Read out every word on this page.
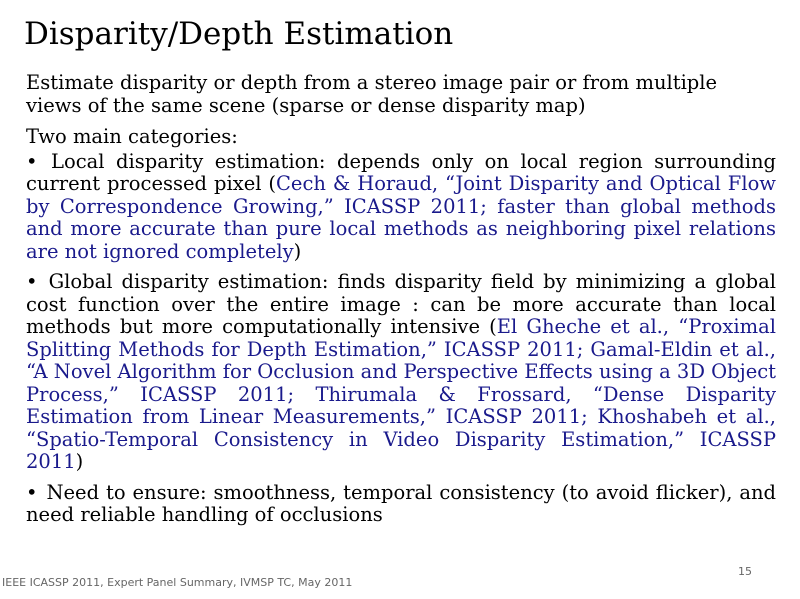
Disparity/Depth Estimation

Estimate disparity or depth from a stereo image pair or from multiple views of the same scene (sparse or dense disparity map)

Two main categories:

• Local disparity estimation: depends only on local region surrounding current processed pixel (Cech & Horaud, “Joint Disparity and Optical Flow by Correspondence Growing,” ICASSP 2011; faster than global methods and more accurate than pure local methods as neighboring pixel relations are not ignored completely)

• Global disparity estimation: finds disparity field by minimizing a global cost function over the entire image : can be more accurate than local methods but more computationally intensive (El Gheche et al., “Proximal Splitting Methods for Depth Estimation,” ICASSP 2011; Gamal-Eldin et al., “A Novel Algorithm for Occlusion and Perspective Effects using a 3D Object Process,” ICASSP 2011; Thirumala & Frossard, “Dense Disparity Estimation from Linear Measurements,” ICASSP 2011; Khoshabeh et al., “Spatio-Temporal Consistency in Video Disparity Estimation,” ICASSP 2011)

• Need to ensure: smoothness, temporal consistency (to avoid flicker), and need reliable handling of occlusions

15
IEEE ICASSP 2011, Expert Panel Summary, IVMSP TC, May 2011
